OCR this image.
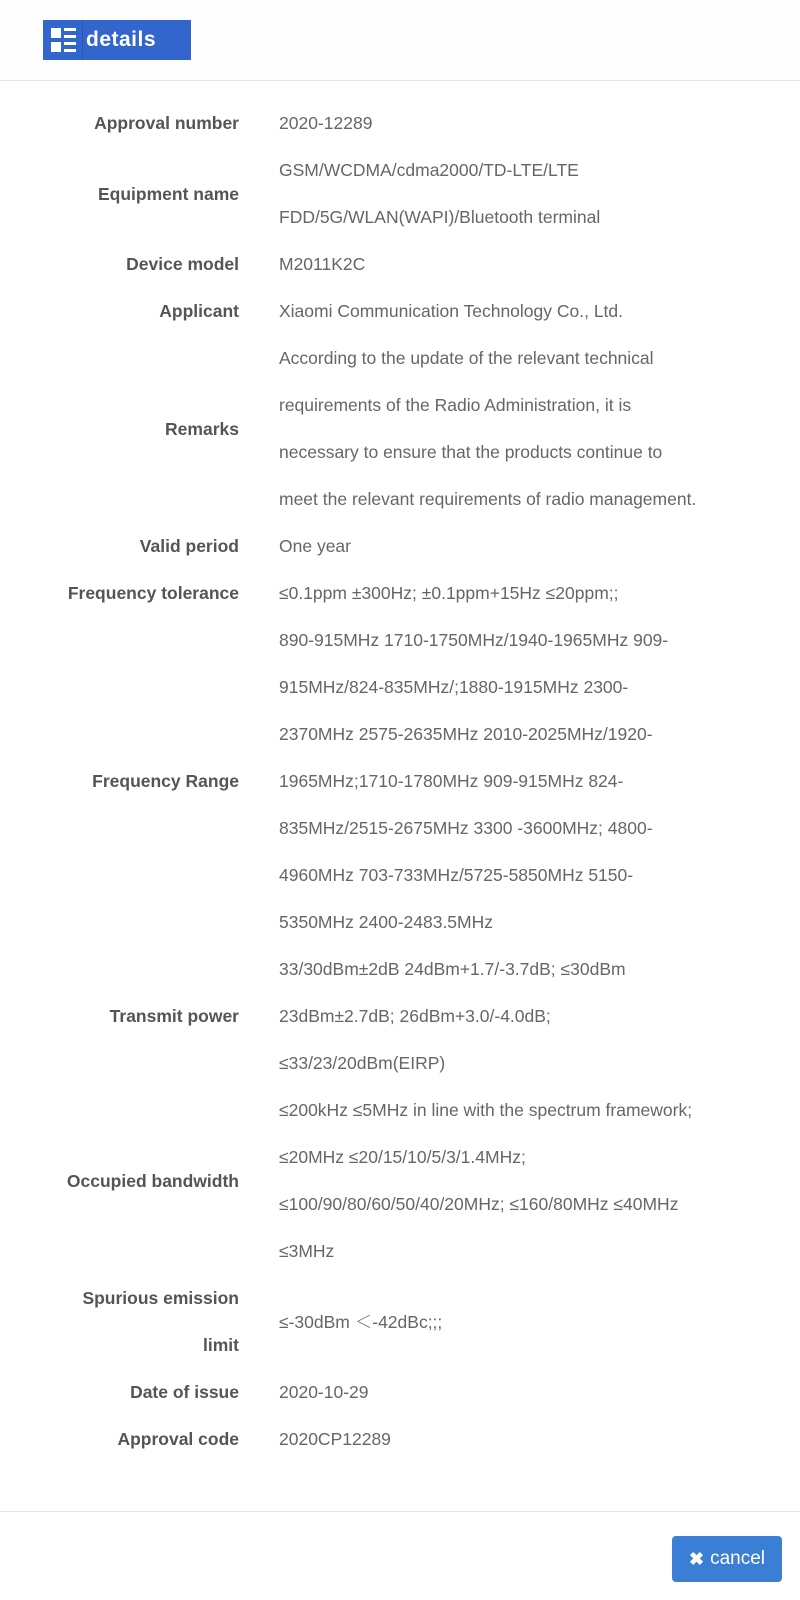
details
Approval number 2020-12289
Equipment name
GSM/WCDMA/cdma2000/TD-LTE/LTE
FDD/5G/WLAN(WAPI)/Bluetooth terminal
Device model M2011K2C
Applicant Xiaomi Communication Technology Co., Ltd.
Remarks
According to the update of the relevant technical
requirements of the Radio Administration, it is
necessary to ensure that the products continue to
meet the relevant requirements of radio management.
Valid period One year
Frequency tolerance ≤0.1ppm ±300Hz; ±0.1ppm+15Hz ≤20ppm;;
Frequency Range
890-915MHz 1710-1750MHz/1940-1965MHz 909-
915MHz/824-835MHz/;1880-1915MHz 2300-
2370MHz 2575-2635MHz 2010-2025MHz/1920-
1965MHz;1710-1780MHz 909-915MHz 824-
835MHz/2515-2675MHz 3300 -3600MHz; 4800-
4960MHz 703-733MHz/5725-5850MHz 5150-
5350MHz 2400-2483.5MHz
Transmit power
33/30dBm±2dB 24dBm+1.7/-3.7dB; ≤30dBm
23dBm±2.7dB; 26dBm+3.0/-4.0dB;
≤33/23/20dBm(EIRP)
Occupied bandwidth
≤200kHz ≤5MHz in line with the spectrum framework;
≤20MHz ≤20/15/10/5/3/1.4MHz;
≤100/90/80/60/50/40/20MHz; ≤160/80MHz ≤40MHz
≤3MHz
Spurious emission
limit
≤-30dBm ＜-42dBc;;;
Date of issue 2020-10-29
Approval code 2020CP12289
✖ cancel
